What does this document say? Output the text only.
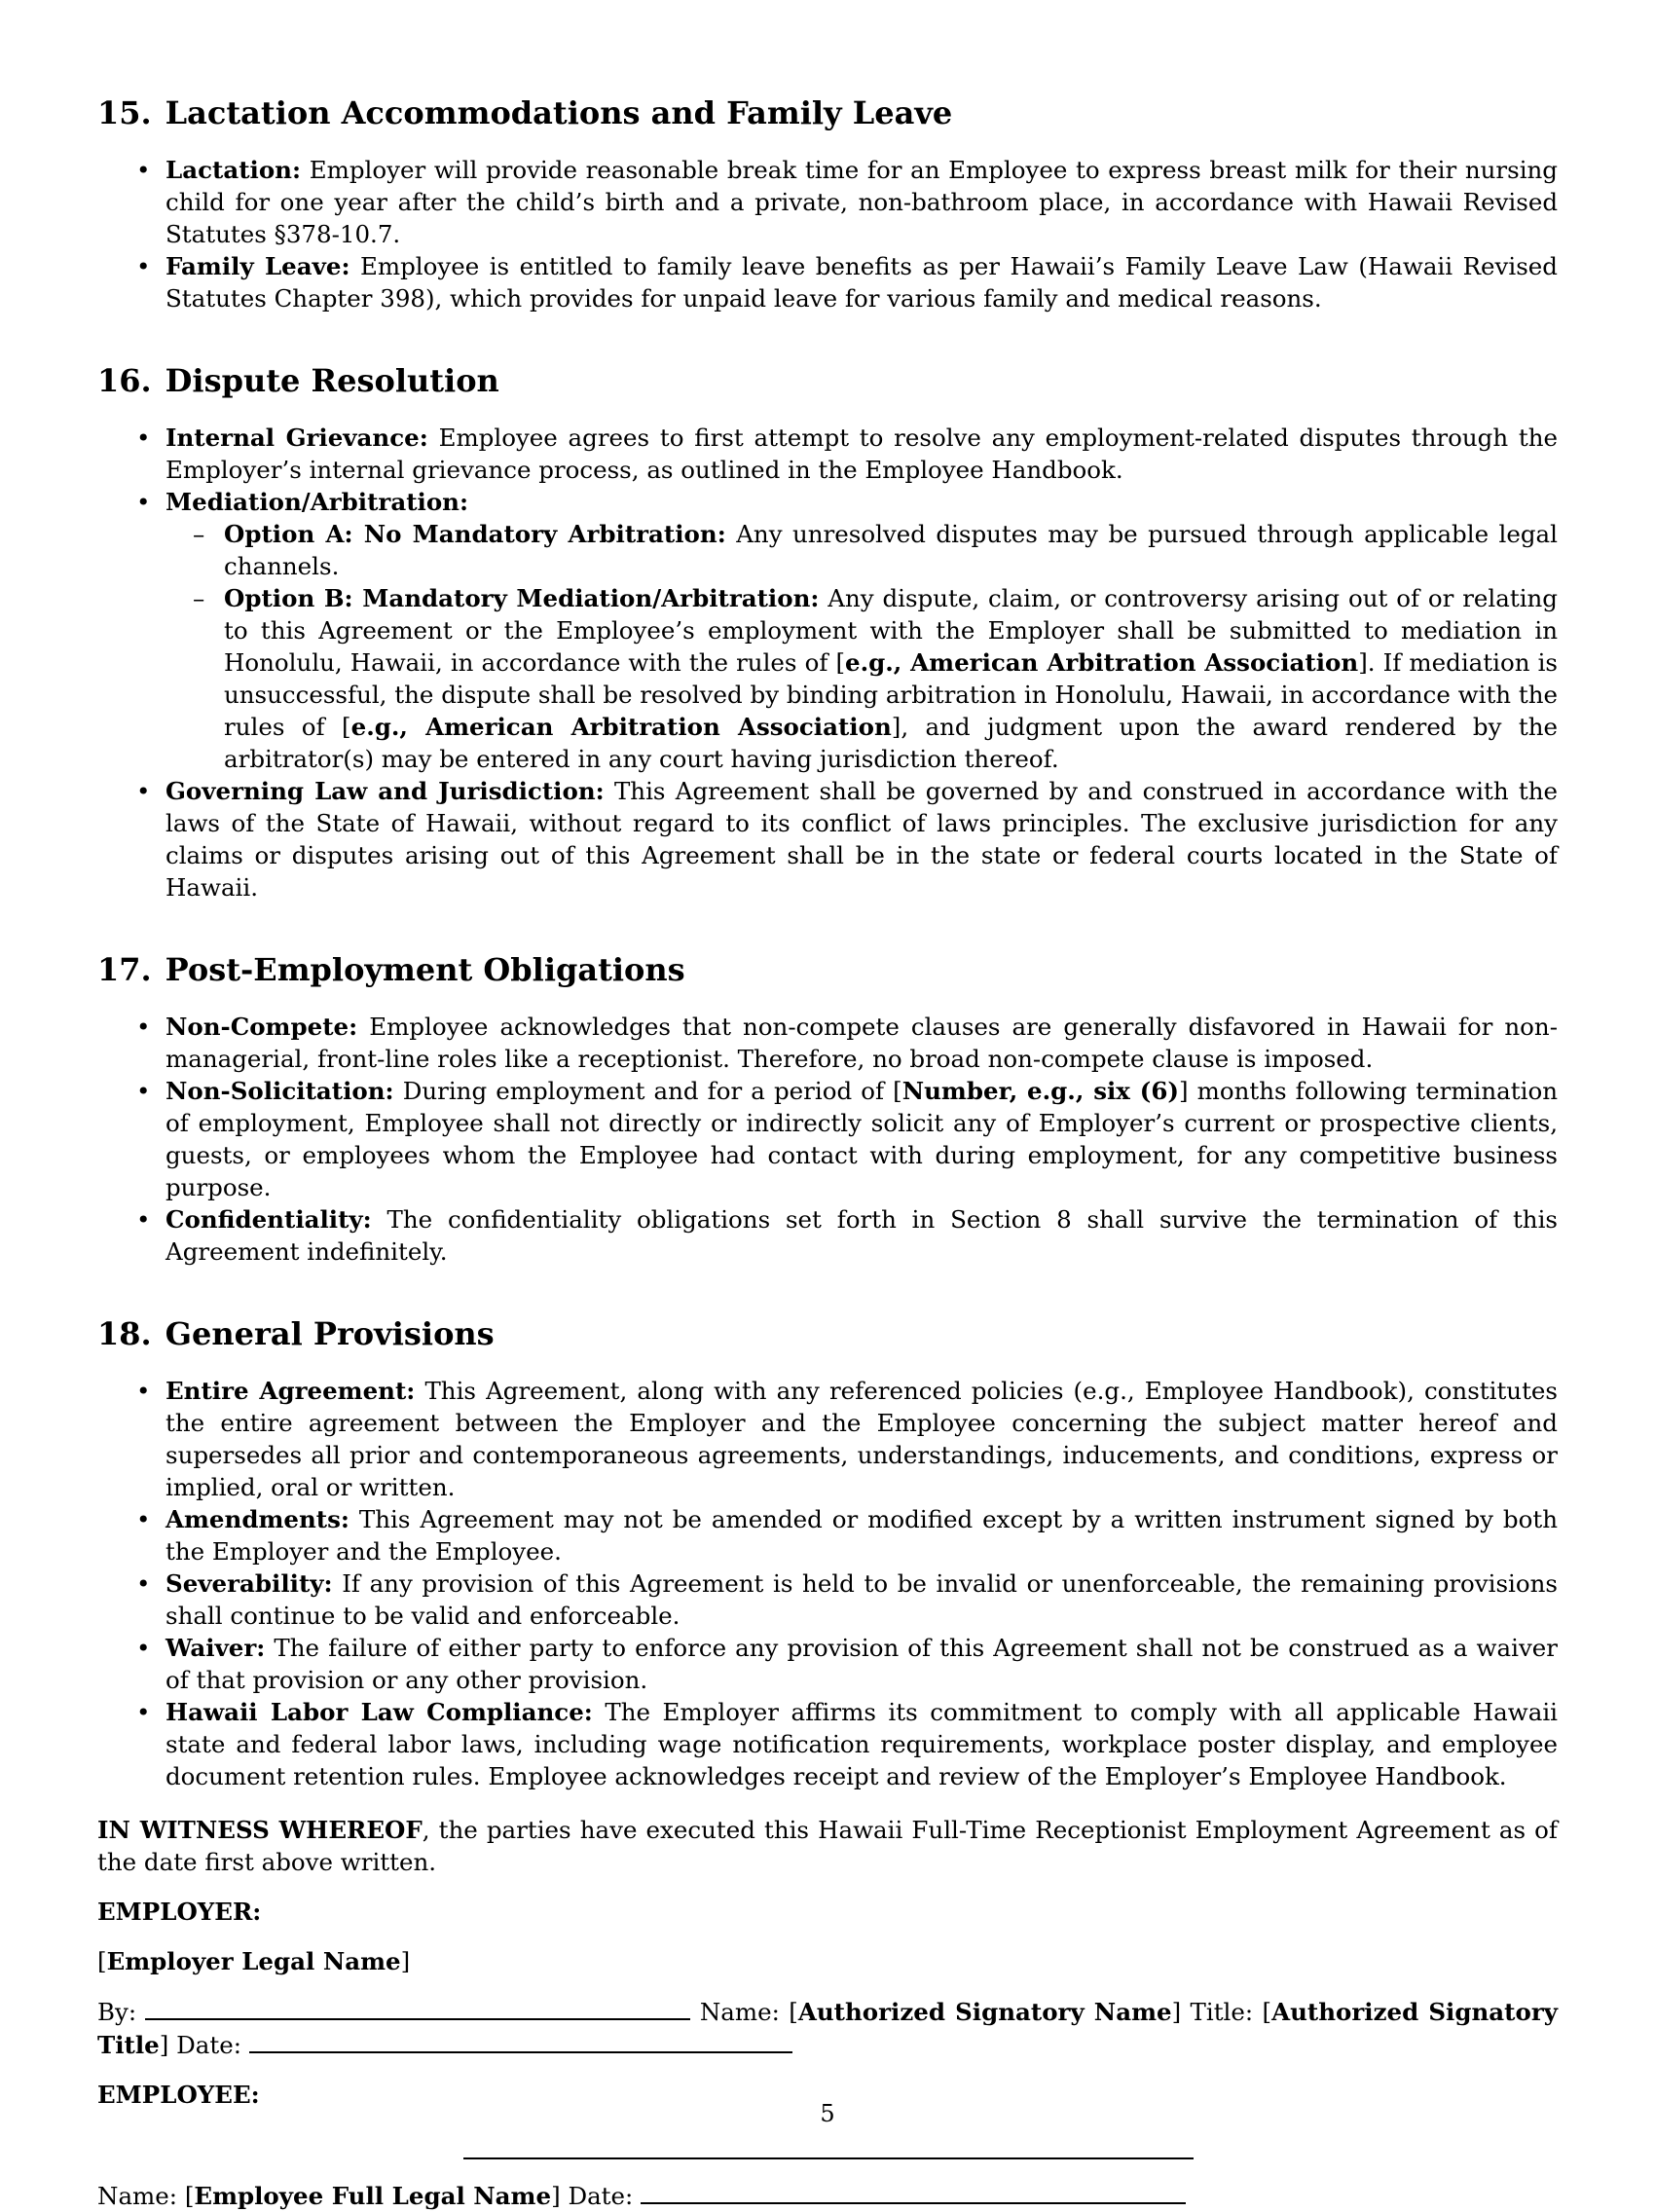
15. Lactation Accommodations and Family Leave
• Lactation: Employer will provide reasonable break time for an Employee to express breast milk for their nursing child for one year after the child’s birth and a private, non-bathroom place, in accordance with Hawaii Revised Statutes §378-10.7.
• Family Leave: Employee is entitled to family leave benefits as per Hawaii’s Family Leave Law (Hawaii Revised Statutes Chapter 398), which provides for unpaid leave for various family and medical reasons.
16. Dispute Resolution
• Internal Grievance: Employee agrees to first attempt to resolve any employment-related disputes through the Employer’s internal grievance process, as outlined in the Employee Handbook.
• Mediation/Arbitration:
– Option A: No Mandatory Arbitration: Any unresolved disputes may be pursued through applicable legal channels.
– Option B: Mandatory Mediation/Arbitration: Any dispute, claim, or controversy arising out of or relating to this Agreement or the Employee’s employment with the Employer shall be submitted to mediation in Honolulu, Hawaii, in accordance with the rules of [e.g., American Arbitration Association]. If mediation is unsuccessful, the dispute shall be resolved by binding arbitration in Honolulu, Hawaii, in accordance with the rules of [e.g., American Arbitration Association], and judgment upon the award rendered by the arbitrator(s) may be entered in any court having jurisdiction thereof.
• Governing Law and Jurisdiction: This Agreement shall be governed by and construed in accordance with the laws of the State of Hawaii, without regard to its conflict of laws principles. The exclusive jurisdiction for any claims or disputes arising out of this Agreement shall be in the state or federal courts located in the State of Hawaii.
17. Post-Employment Obligations
• Non-Compete: Employee acknowledges that non-compete clauses are generally disfavored in Hawaii for non-managerial, front-line roles like a receptionist. Therefore, no broad non-compete clause is imposed.
• Non-Solicitation: During employment and for a period of [Number, e.g., six (6)] months following termination of employment, Employee shall not directly or indirectly solicit any of Employer’s current or prospective clients, guests, or employees whom the Employee had contact with during employment, for any competitive business purpose.
• Confidentiality: The confidentiality obligations set forth in Section 8 shall survive the termination of this Agreement indefinitely.
18. General Provisions
• Entire Agreement: This Agreement, along with any referenced policies (e.g., Employee Handbook), constitutes the entire agreement between the Employer and the Employee concerning the subject matter hereof and supersedes all prior and contemporaneous agreements, understandings, inducements, and conditions, express or implied, oral or written.
• Amendments: This Agreement may not be amended or modified except by a written instrument signed by both the Employer and the Employee.
• Severability: If any provision of this Agreement is held to be invalid or unenforceable, the remaining provisions shall continue to be valid and enforceable.
• Waiver: The failure of either party to enforce any provision of this Agreement shall not be construed as a waiver of that provision or any other provision.
• Hawaii Labor Law Compliance: The Employer affirms its commitment to comply with all applicable Hawaii state and federal labor laws, including wage notification requirements, workplace poster display, and employee document retention rules. Employee acknowledges receipt and review of the Employer’s Employee Handbook.

IN WITNESS WHEREOF, the parties have executed this Hawaii Full-Time Receptionist Employment Agreement as of the date first above written.

EMPLOYER:

[Employer Legal Name]

By:	Name: [Authorized Signatory Name] Title: [Authorized Signatory Title] Date:

EMPLOYEE:

Name: [Employee Full Legal Name] Date:

5
